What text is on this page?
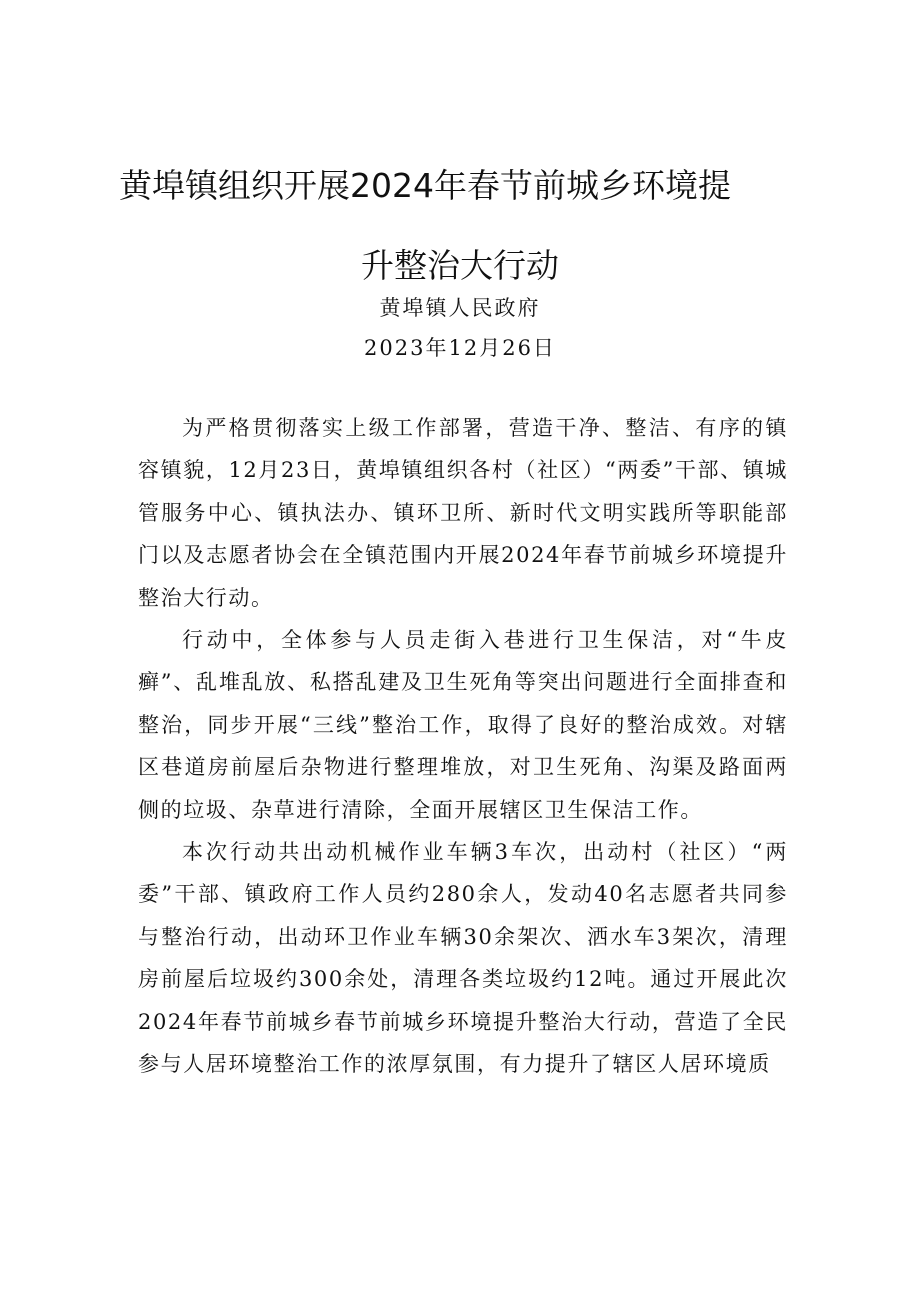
黄埠镇组织开展2024年春节前城乡环境提
升整治大行动
黄埠镇人民政府
2023年12月26日

为严格贯彻落实上级工作部署，营造干净、整洁、有序的镇容镇貌，12月23日，黄埠镇组织各村（社区）“两委”干部、镇城管服务中心、镇执法办、镇环卫所、新时代文明实践所等职能部门以及志愿者协会在全镇范围内开展2024年春节前城乡环境提升整治大行动。

行动中，全体参与人员走街入巷进行卫生保洁，对“牛皮癣”、乱堆乱放、私搭乱建及卫生死角等突出问题进行全面排查和整治，同步开展“三线”整治工作，取得了良好的整治成效。对辖区巷道房前屋后杂物进行整理堆放，对卫生死角、沟渠及路面两侧的垃圾、杂草进行清除，全面开展辖区卫生保洁工作。

本次行动共出动机械作业车辆3车次，出动村（社区）“两委”干部、镇政府工作人员约280余人，发动40名志愿者共同参与整治行动，出动环卫作业车辆30余架次、洒水车3架次，清理房前屋后垃圾约300余处，清理各类垃圾约12吨。通过开展此次2024年春节前城乡春节前城乡环境提升整治大行动，营造了全民参与人居环境整治工作的浓厚氛围，有力提升了辖区人居环境质
